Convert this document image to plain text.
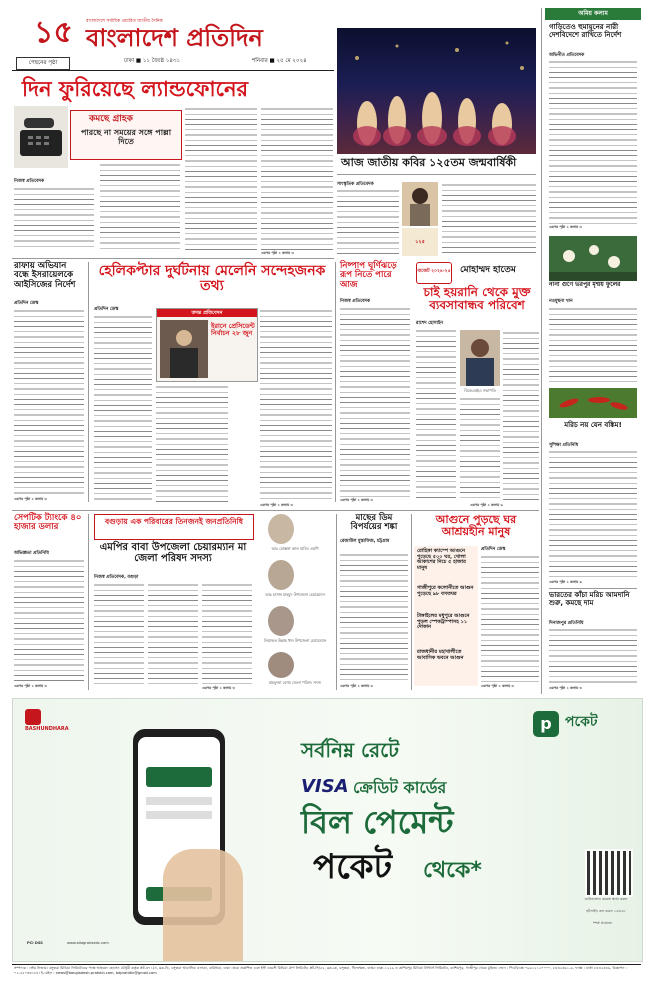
১৫	বাংলাদেশে সর্বাধিক প্রচারিত জাতীয় দৈনিক
বাংলাদেশ প্রতিদিন
পেছনের পৃষ্ঠা	ঢাকা ■ ১১ জ্যৈষ্ঠ ১৪৩১	শনিবার ■ ২৫ মে ২০২৪
আজ জাতীয় কবির ১২৫তম জন্মবার্ষিকী
সাংস্কৃতিক প্রতিবেদক
১২৫
অমিয় কলাম
গাড়িতেও হুমায়ূনের নারী দেশবিদেশে রাখিতে নির্দেশ
অভিনীত প্রতিবেদক
এরপর পৃষ্ঠা ২ কলাম ৩
নানা গুণে ভরপুর মৃন্ময় ফুলের
নওমুছনা খান
মরিচ নয় যেন বঙ্কিম!
সুশিক্ষা প্রতিনিধি
এরপর পৃষ্ঠা ২ কলাম ৬
ভারতের কাঁচা মরিচ আমদানি শুরু, কমছে দাম
দিনাজপুর প্রতিনিধি
এরপর পৃষ্ঠা ২ কলাম ৩
দিন ফুরিয়েছে ল্যান্ডফোনের
কমছে গ্রাহক
পারছে না সময়ের সঙ্গে পাল্লা দিতে
নিজস্ব প্রতিবেদক
এরপর পৃষ্ঠা ২ কলাম ৩
রাফায় অভিযান বন্ধে ইসরায়েলকে আইসিজের নির্দেশ
প্রতিদিন ডেস্ক
এরপর পৃষ্ঠা ২ কলাম ৩
হেলিকপ্টার দুর্ঘটনায় মেলেনি সন্দেহজনক তথ্য
প্রতিদিন ডেস্ক
তদন্ত প্রতিবেদন
ইরানে প্রেসিডেন্ট নির্বাচন ২৮ জুন
এরপর পৃষ্ঠা ২ কলাম ৩
নিষ্পাপ ঘূর্ণিঝড়ে রূপ নিতে পারে আজ
নিজস্ব প্রতিবেদক
এরপর পৃষ্ঠা ২ কলাম ৩
বাজেট ২০২৪-২৫ মোহাম্মদ হাতেম
চাই হয়রানি থেকে মুক্ত ব্যবসাবান্ধব পরিবেশ
রাশেদ হোসাইন
বিকেএমইএ সভাপতি
এরপর পৃষ্ঠা ২ কলাম ৬
সেপটিক ট্যাংকে ৪০ হাজার ডলার
অভিজ্ঞতা প্রতিনিধি
এরপর পৃষ্ঠা ২ কলাম ৩
বগুড়ায় এক পরিবারের তিনজনই জনপ্রতিনিধি
এমপির বাবা উপজেলা চেয়ারম্যান মা জেলা পরিষদ সদস্য
নিজস্ব প্রতিবেদক, বগুড়া
এরপর পৃষ্ঠা ২ কলাম ৩
আঃ মোস্তফা আল হাবিব এমপি
আঃ হাসান মাহমুদ উপজেলা চেয়ারম্যান
লিয়াকত উল্লাহ খান উপজেলা চেয়ারম্যান
মাহফুজা বেগম জেলা পরিষদ সদস্য
মাছের ডিম বিপর্যয়ের শঙ্কা
রেজাউল মুস্তাফিজ, চট্টগ্রাম
এরপর পৃষ্ঠা ২ কলাম ৩
আগুনে পুড়ছে ঘর আশ্রয়হীন মানুষ
রোহিঙ্গা ক্যাম্পে আগুনে পুড়েছে ৫০০ ঘর, খোলা আকাশের নিচে ৫ হাজার মানুষ
গাজীপুরে কলোনীতে আগুন পুড়েছে ৯৮ বসতঘর
টাঙ্গাইলের মধুপুরে আগুনে পুড়ল স্পেকট্রাম্পাসহ ১১ দোকান
রাজধানীর মহাখালীতে আবাসিক ভবনে আগুন
প্রতিদিন ডেস্ক
এরপর পৃষ্ঠা ২ কলাম ৩
BASHUNDHARA
সর্বনিম্ন রেটে
VISA ক্রেডিট কার্ডের
বিল পেমেন্ট
পকেট থেকে*
p পকেট
ডাউনলোড করতে স্ক্যান করুন
হটলাইন কল করুন ১৬৩২৮
*শর্ত প্রযোজ্য
PCI DSS	www.allagrahaedc.com
সম্পাদক : নঈম নিজাম। বসুন্ধরা মিডিয়া লিমিটেডের পক্ষে আহমেদ হোসেন চৌধুরী কর্তৃক প্লট-৩৭১/এ, ব্লক-ডি, বসুন্ধরা আবাসিক এলাকা, বারিধারা, ঢাকা থেকে প্রকাশিত এবং ইস্ট ওয়েস্ট মিডিয়া গ্রুপ লিমিটেড প্লট-সি/৫২, ব্লক-কে, বসুন্ধরা, খিলক্ষেত, বাড্ডা ঢাকা-১২২৯ ও কাশিমপুর মিডিয়া প্রিন্টার্স লিমিটেড, কাশিমপুর, গাজীপুর থেকে মুদ্রিত। ফোন : পিএবিএক্স ০৯৬১২১২০০০০, ৮৪৩২৩৬১-৬, ফ্যাক্স : বার্তা ৮৪৩২৩৪৬, বিজ্ঞাপন : ০২-৫৫০৩৩১৮৪। ই-মেইল : news@bangladesh-pratidin.com, bdpratidin@gmail.com
